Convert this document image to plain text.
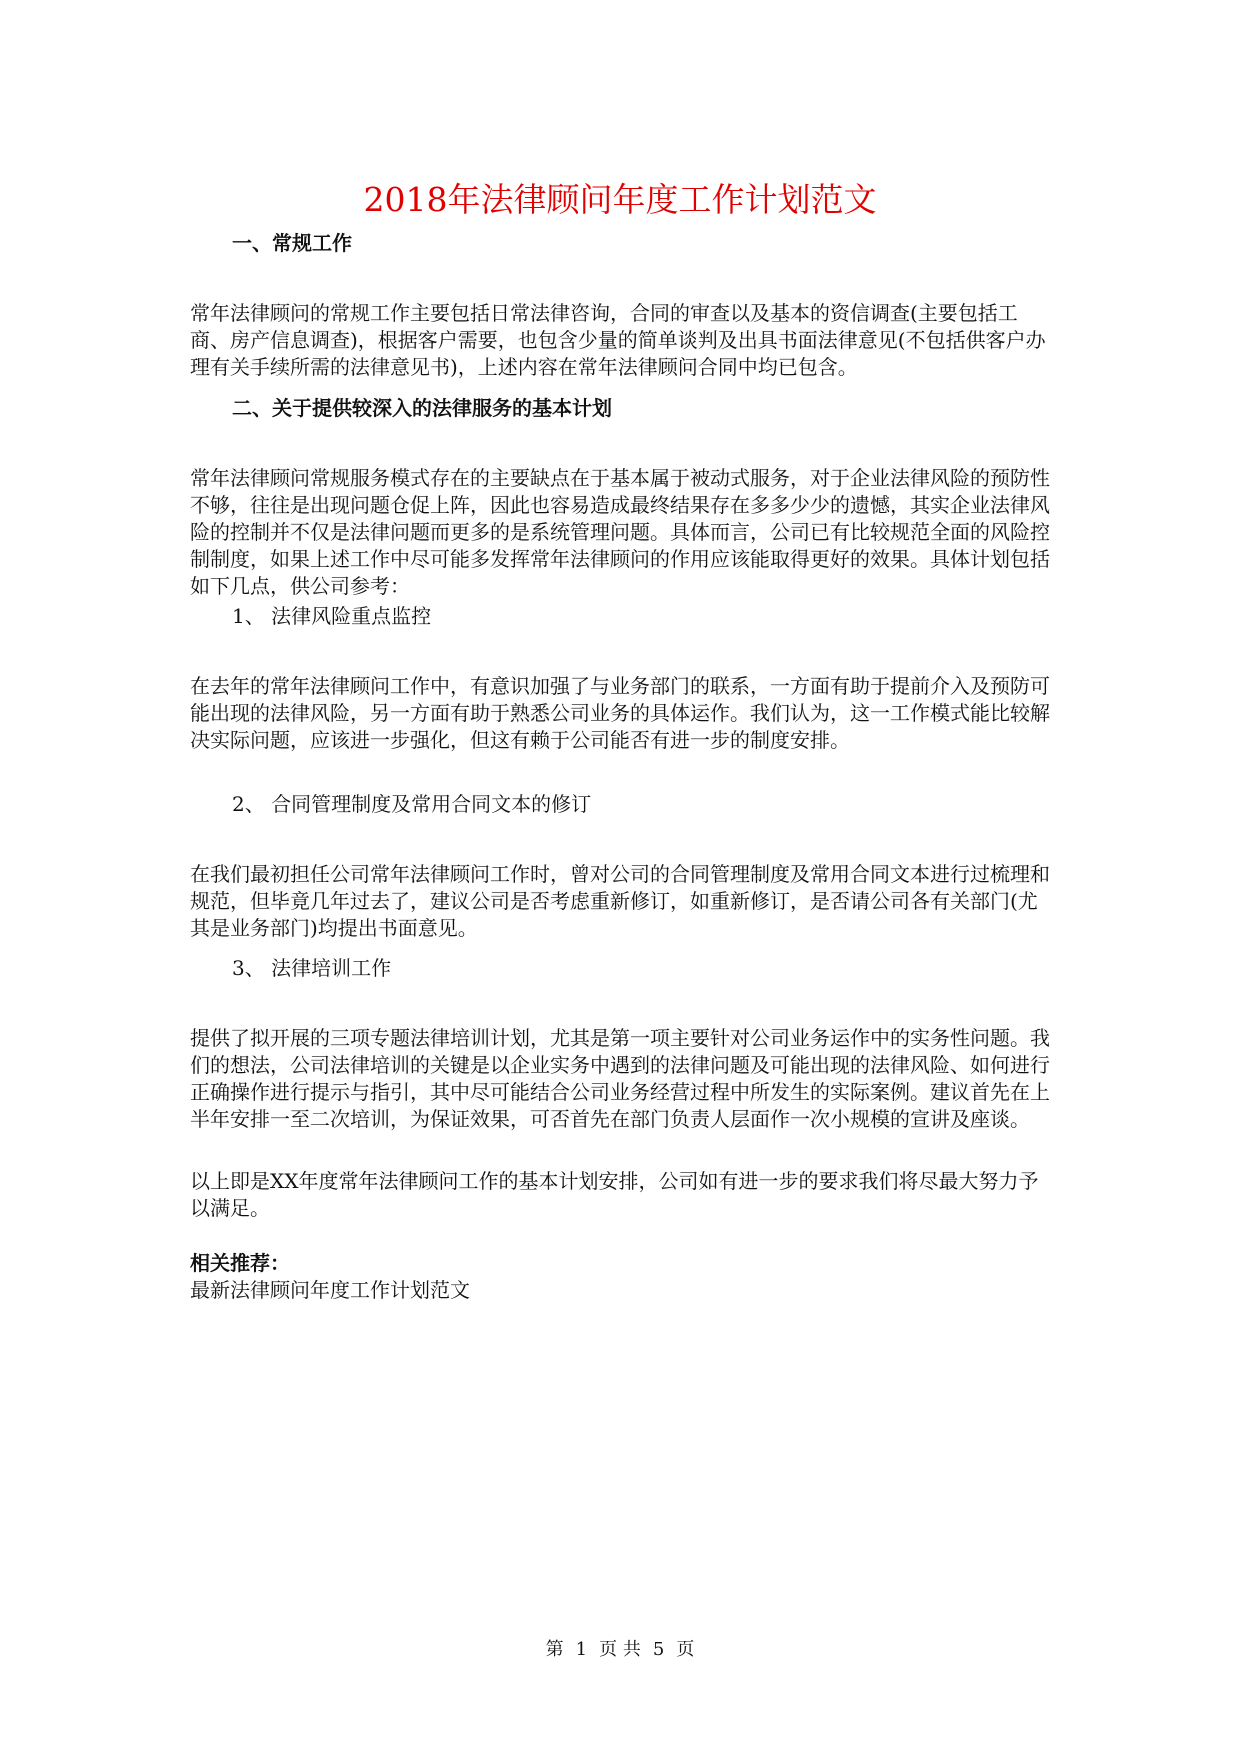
2018年法律顾问年度工作计划范文
一、常规工作
常年法律顾问的常规工作主要包括日常法律咨询，合同的审查以及基本的资信调查(主要包括工商、房产信息调查)，根据客户需要，也包含少量的简单谈判及出具书面法律意见(不包括供客户办理有关手续所需的法律意见书)，上述内容在常年法律顾问合同中均已包含。
二、关于提供较深入的法律服务的基本计划
常年法律顾问常规服务模式存在的主要缺点在于基本属于被动式服务，对于企业法律风险的预防性不够，往往是出现问题仓促上阵，因此也容易造成最终结果存在多多少少的遗憾，其实企业法律风险的控制并不仅是法律问题而更多的是系统管理问题。具体而言，公司已有比较规范全面的风险控制制度，如果上述工作中尽可能多发挥常年法律顾问的作用应该能取得更好的效果。具体计划包括如下几点，供公司参考：
1、 法律风险重点监控
在去年的常年法律顾问工作中，有意识加强了与业务部门的联系，一方面有助于提前介入及预防可能出现的法律风险，另一方面有助于熟悉公司业务的具体运作。我们认为，这一工作模式能比较解决实际问题，应该进一步强化，但这有赖于公司能否有进一步的制度安排。
2、 合同管理制度及常用合同文本的修订
在我们最初担任公司常年法律顾问工作时，曾对公司的合同管理制度及常用合同文本进行过梳理和规范，但毕竟几年过去了，建议公司是否考虑重新修订，如重新修订，是否请公司各有关部门(尤其是业务部门)均提出书面意见。
3、 法律培训工作
提供了拟开展的三项专题法律培训计划，尤其是第一项主要针对公司业务运作中的实务性问题。我们的想法，公司法律培训的关键是以企业实务中遇到的法律问题及可能出现的法律风险、如何进行正确操作进行提示与指引，其中尽可能结合公司业务经营过程中所发生的实际案例。建议首先在上半年安排一至二次培训，为保证效果，可否首先在部门负责人层面作一次小规模的宣讲及座谈。
以上即是XX年度常年法律顾问工作的基本计划安排，公司如有进一步的要求我们将尽最大努力予以满足。
相关推荐：
最新法律顾问年度工作计划范文
第 1 页 共 5 页
